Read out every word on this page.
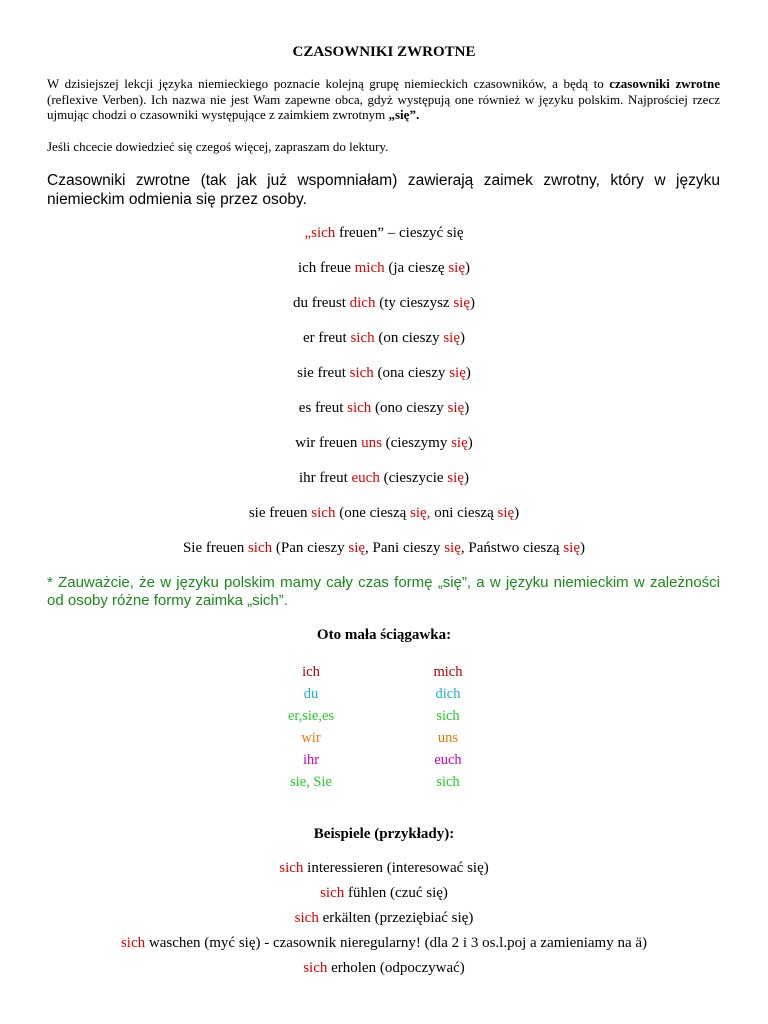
CZASOWNIKI ZWROTNE
W dzisiejszej lekcji języka niemieckiego poznacie kolejną grupę niemieckich czasowników, a będą to czasowniki zwrotne (reflexive Verben). Ich nazwa nie jest Wam zapewne obca, gdyż występują one również w języku polskim. Najprościej rzecz ujmując chodzi o czasowniki występujące z zaimkiem zwrotnym „się”.
Jeśli chcecie dowiedzieć się czegoś więcej, zapraszam do lektury.
Czasowniki zwrotne (tak jak już wspomniałam) zawierają zaimek zwrotny, który w języku niemieckim odmienia się przez osoby.
„sich freuen” – cieszyć się
ich freue mich (ja cieszę się)
du freust dich (ty cieszysz się)
er freut sich (on cieszy się)
sie freut sich (ona cieszy się)
es freut sich (ono cieszy się)
wir freuen uns (cieszymy się)
ihr freut euch (cieszycie się)
sie freuen sich (one cieszą się, oni cieszą się)
Sie freuen sich (Pan cieszy się, Pani cieszy się, Państwo cieszą się)
* Zauważcie, że w języku polskim mamy cały czas formę „się”, a w języku niemieckim w zależności od osoby różne formy zaimka „sich”.
Oto mała ściągawka:
ich	mich
du	dich
er,sie,es	sich
wir	uns
ihr	euch
sie, Sie	sich
Beispiele (przykłady):
sich interessieren (interesować się)
sich fühlen (czuć się)
sich erkälten (przeziębiać się)
sich waschen (myć się) - czasownik nieregularny! (dla 2 i 3 os.l.poj a zamieniamy na ä)
sich erholen (odpoczywać)
